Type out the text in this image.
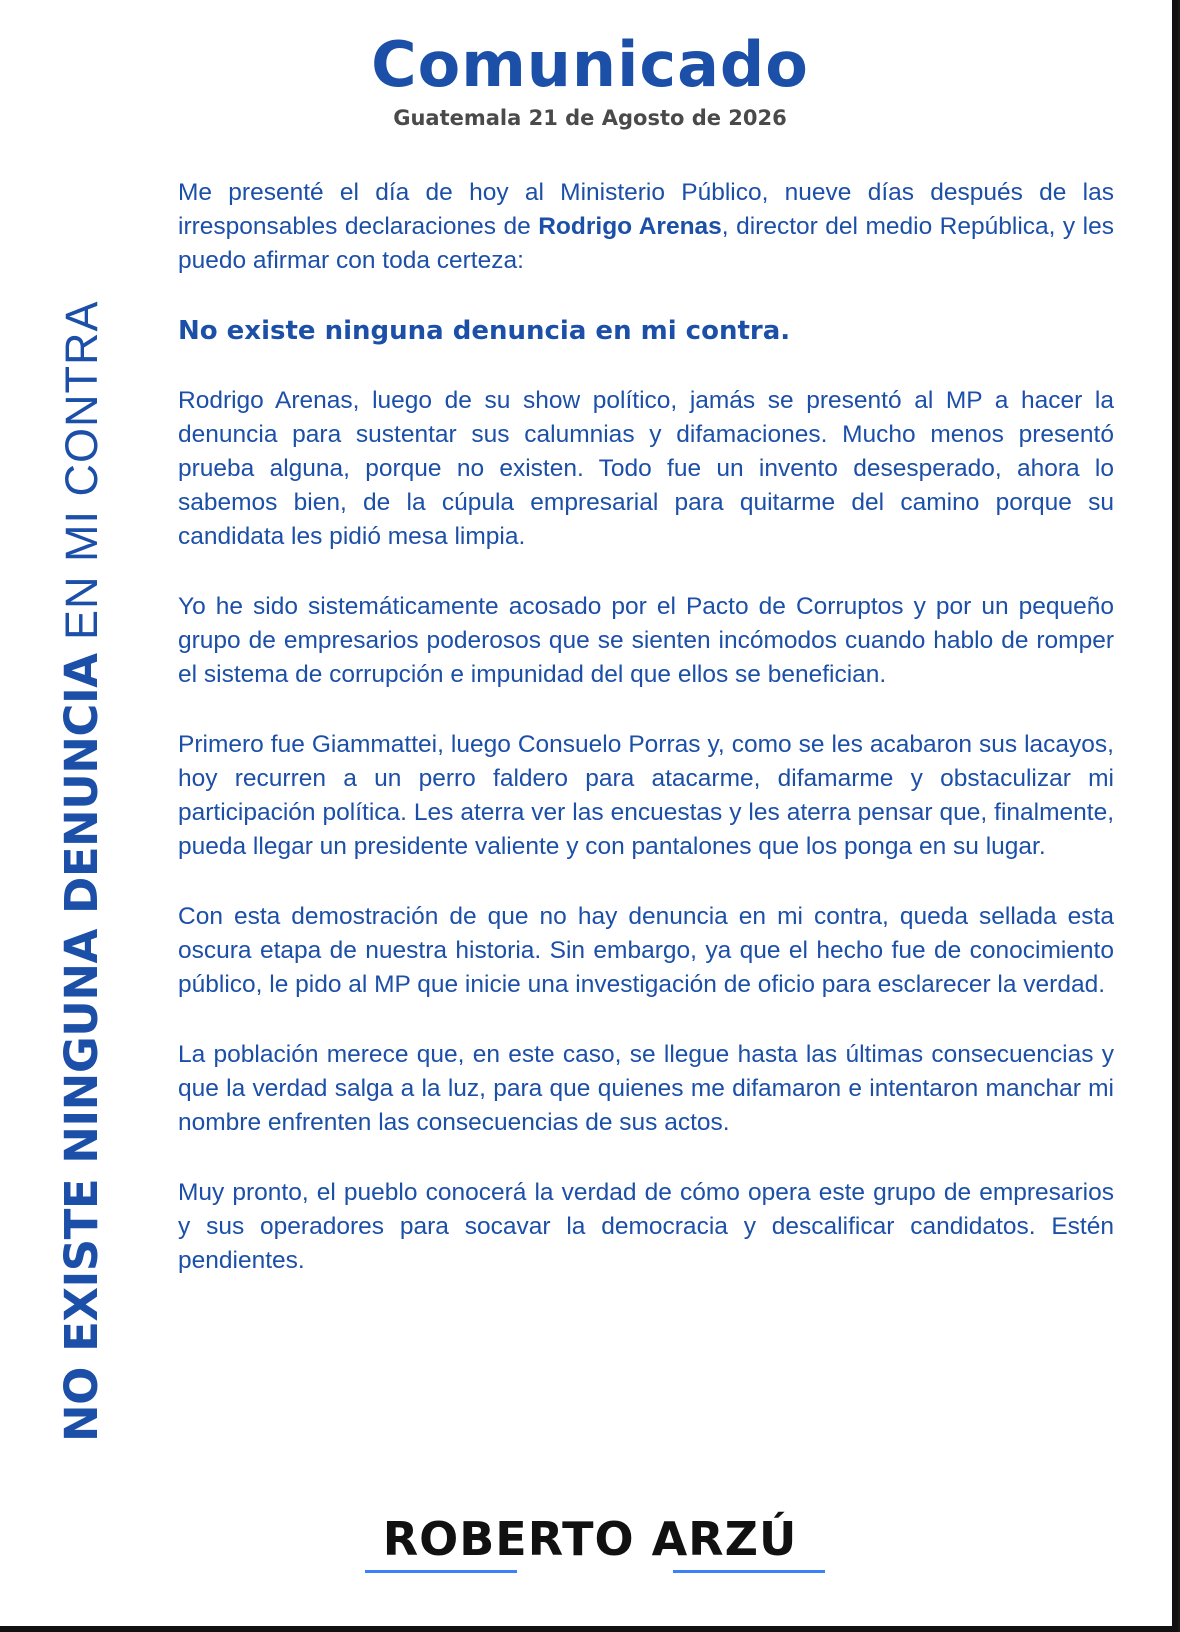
Comunicado
Guatemala 21 de Agosto de 2026
NO EXISTE NINGUNA DENUNCIA EN MI CONTRA

Me presenté el día de hoy al Ministerio Público, nueve días después de las irresponsables declaraciones de Rodrigo Arenas, director del medio República, y les puedo afirmar con toda certeza:

No existe ninguna denuncia en mi contra.

Rodrigo Arenas, luego de su show político, jamás se presentó al MP a hacer la denuncia para sustentar sus calumnias y difamaciones. Mucho menos presentó prueba alguna, porque no existen. Todo fue un invento desesperado, ahora lo sabemos bien, de la cúpula empresarial para quitarme del camino porque su candidata les pidió mesa limpia.

Yo he sido sistemáticamente acosado por el Pacto de Corruptos y por un pequeño grupo de empresarios poderosos que se sienten incómodos cuando hablo de romper el sistema de corrupción e impunidad del que ellos se benefician.

Primero fue Giammattei, luego Consuelo Porras y, como se les acabaron sus lacayos, hoy recurren a un perro faldero para atacarme, difamarme y obstaculizar mi participación política. Les aterra ver las encuestas y les aterra pensar que, finalmente, pueda llegar un presidente valiente y con pantalones que los ponga en su lugar.

Con esta demostración de que no hay denuncia en mi contra, queda sellada esta oscura etapa de nuestra historia. Sin embargo, ya que el hecho fue de conocimiento público, le pido al MP que inicie una investigación de oficio para esclarecer la verdad.

La población merece que, en este caso, se llegue hasta las últimas consecuencias y que la verdad salga a la luz, para que quienes me difamaron e intentaron manchar mi nombre enfrenten las consecuencias de sus actos.

Muy pronto, el pueblo conocerá la verdad de cómo opera este grupo de empresarios y sus operadores para socavar la democracia y descalificar candidatos. Estén pendientes.

ROBERTO ARZÚ
